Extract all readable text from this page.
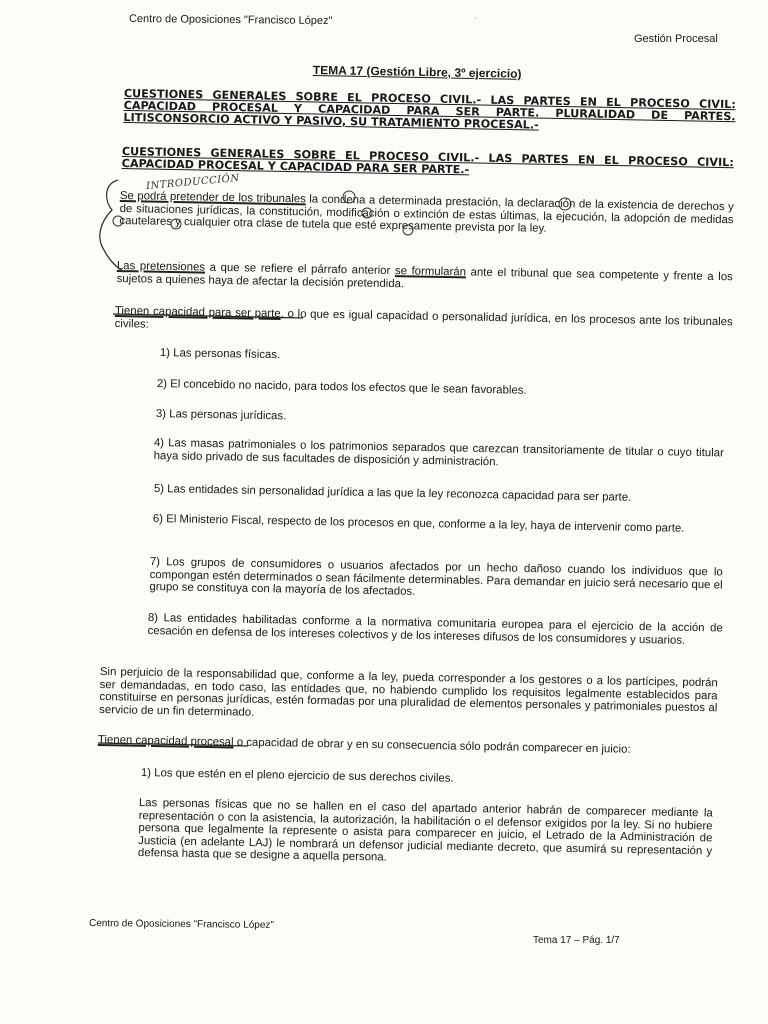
Centro de Oposiciones "Francisco López"	·
Gestión Procesal
TEMA 17 (Gestión Libre, 3º ejercicio)
CUESTIONES GENERALES SOBRE EL PROCESO CIVIL.- LAS PARTES EN EL PROCESO CIVIL: CAPACIDAD PROCESAL Y CAPACIDAD PARA SER PARTE. PLURALIDAD DE PARTES. LITISCONSORCIO ACTIVO Y PASIVO, SU TRATAMIENTO PROCESAL.-
CUESTIONES GENERALES SOBRE EL PROCESO CIVIL.- LAS PARTES EN EL PROCESO CIVIL: CAPACIDAD PROCESAL Y CAPACIDAD PARA SER PARTE.-
INTRODUCCIÓN
Se podrá pretender de los tribunales la condena a determinada prestación, la declaración de la existencia de derechos y de situaciones jurídicas, la constitución, modificación o extinción de estas últimas, la ejecución, la adopción de medidas cautelares y cualquier otra clase de tutela que esté expresamente prevista por la ley.
Las pretensiones a que se refiere el párrafo anterior se formularán ante el tribunal que sea competente y frente a los sujetos a quienes haya de afectar la decisión pretendida.
Tienen capacidad para ser parte, o lo que es igual capacidad o personalidad jurídica, en los procesos ante los tribunales civiles:
1) Las personas físicas.
2) El concebido no nacido, para todos los efectos que le sean favorables.
3) Las personas jurídicas.
4) Las masas patrimoniales o los patrimonios separados que carezcan transitoriamente de titular o cuyo titular haya sido privado de sus facultades de disposición y administración.
5) Las entidades sin personalidad jurídica a las que la ley reconozca capacidad para ser parte.
6) El Ministerio Fiscal, respecto de los procesos en que, conforme a la ley, haya de intervenir como parte.
7) Los grupos de consumidores o usuarios afectados por un hecho dañoso cuando los individuos que lo compongan estén determinados o sean fácilmente determinables. Para demandar en juicio será necesario que el grupo se constituya con la mayoría de los afectados.
8) Las entidades habilitadas conforme a la normativa comunitaria europea para el ejercicio de la acción de cesación en defensa de los intereses colectivos y de los intereses difusos de los consumidores y usuarios.
Sin perjuicio de la responsabilidad que, conforme a la ley, pueda corresponder a los gestores o a los partícipes, podrán ser demandadas, en todo caso, las entidades que, no habiendo cumplido los requisitos legalmente establecidos para constituirse en personas jurídicas, estén formadas por una pluralidad de elementos personales y patrimoniales puestos al servicio de un fin determinado.
Tienen capacidad procesal o capacidad de obrar y en su consecuencia sólo podrán comparecer en juicio:
1) Los que estén en el pleno ejercicio de sus derechos civiles.
Las personas físicas que no se hallen en el caso del apartado anterior habrán de comparecer mediante la representación o con la asistencia, la autorización, la habilitación o el defensor exigidos por la ley. Si no hubiere persona que legalmente la represente o asista para comparecer en juicio, el Letrado de la Administración de Justicia (en adelante LAJ) le nombrará un defensor judicial mediante decreto, que asumirá su representación y defensa hasta que se designe a aquella persona.
Centro de Oposiciones "Francisco López"
Tema 17 – Pág. 1/7
